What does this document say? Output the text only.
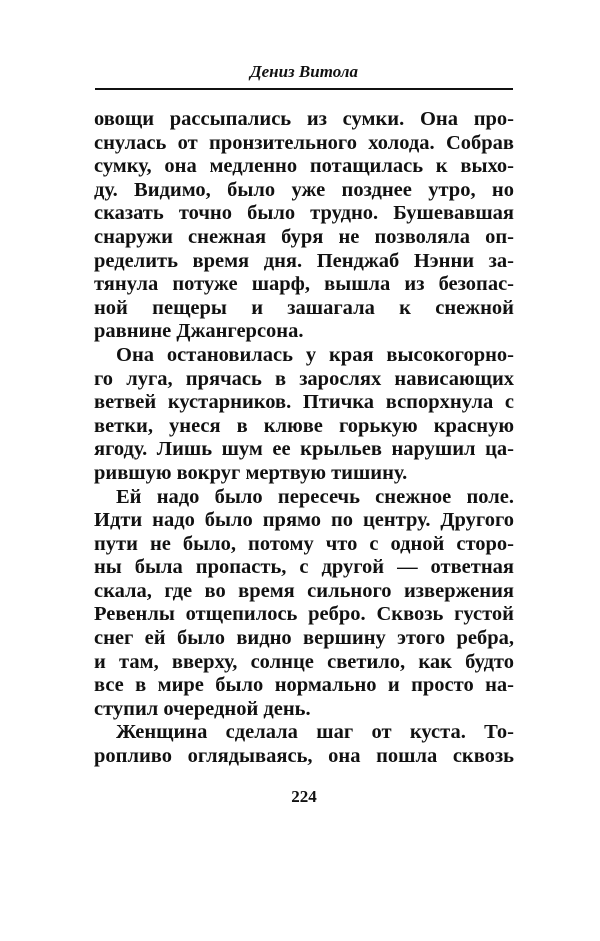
Дениз Витола
овощи рассыпались из сумки. Она про-
снулась от пронзительного холода. Собрав
сумку, она медленно потащилась к выхо-
ду. Видимо, было уже позднее утро, но
сказать точно было трудно. Бушевавшая
снаружи снежная буря не позволяла оп-
ределить время дня. Пенджаб Нэнни за-
тянула потуже шарф, вышла из безопас-
ной пещеры и зашагала к снежной
равнине Джангерсона.
Она остановилась у края высокогорно-
го луга, прячась в зарослях нависающих
ветвей кустарников. Птичка вспорхнула с
ветки, унеся в клюве горькую красную
ягоду. Лишь шум ее крыльев нарушил ца-
рившую вокруг мертвую тишину.
Ей надо было пересечь снежное поле.
Идти надо было прямо по центру. Другого
пути не было, потому что с одной сторо-
ны была пропасть, с другой — ответная
скала, где во время сильного извержения
Ревенлы отщепилось ребро. Сквозь густой
снег ей было видно вершину этого ребра,
и там, вверху, солнце светило, как будто
все в мире было нормально и просто на-
ступил очередной день.
Женщина сделала шаг от куста. То-
ропливо оглядываясь, она пошла сквозь
224
